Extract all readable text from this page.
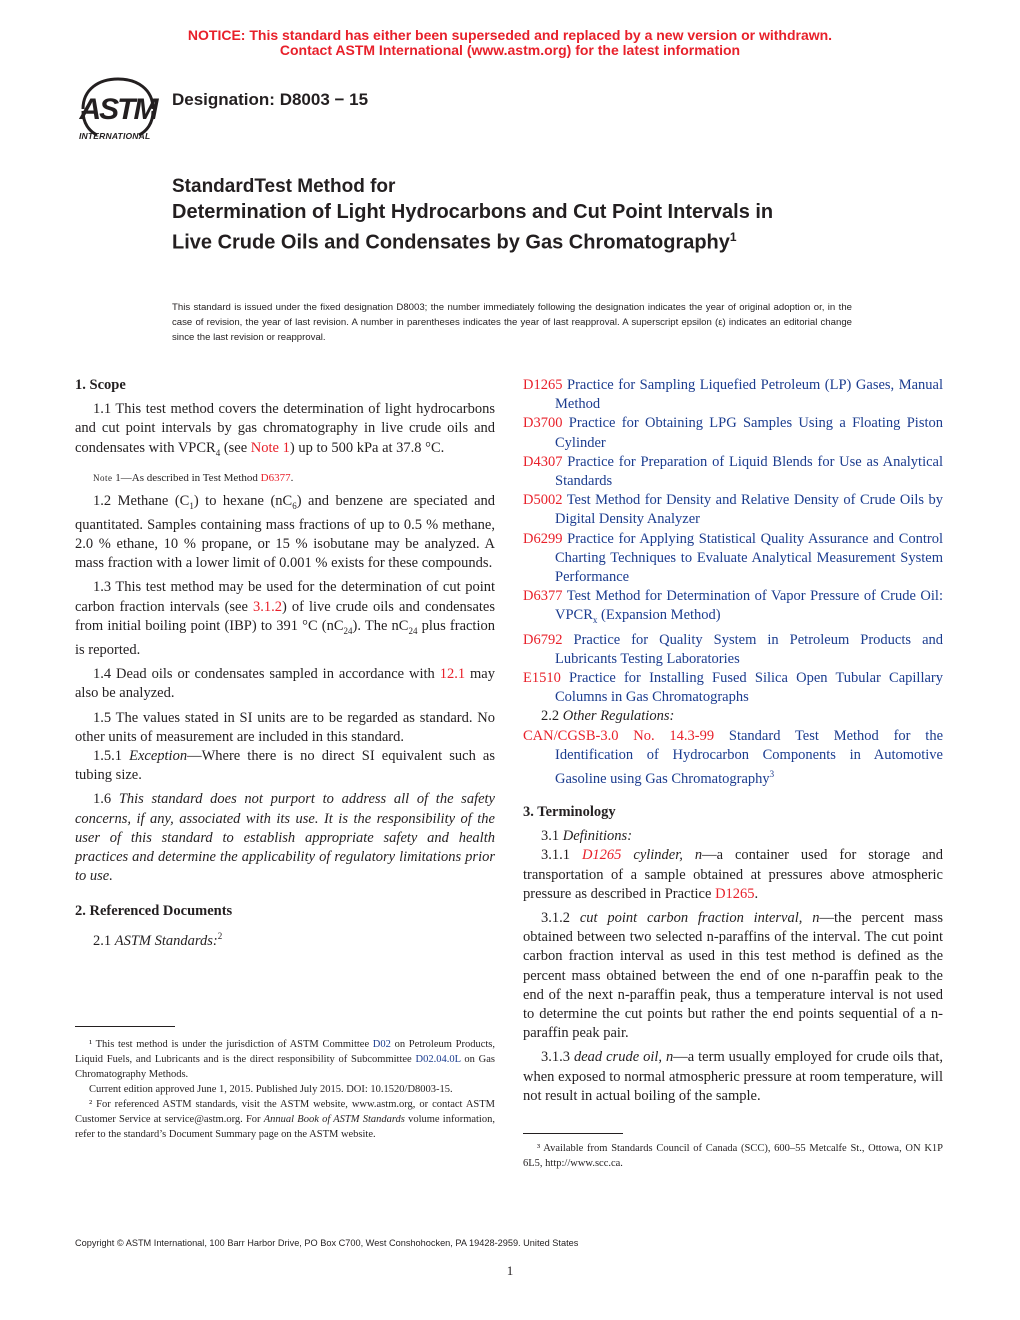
NOTICE: This standard has either been superseded and replaced by a new version or withdrawn.
Contact ASTM International (www.astm.org) for the latest information
ASTM
INTERNATIONAL
Designation: D8003 − 15
StandardTest Method for
Determination of Light Hydrocarbons and Cut Point Intervals in Live Crude Oils and Condensates by Gas Chromatography$^1$
This standard is issued under the fixed designation D8003; the number immediately following the designation indicates the year of original adoption or, in the case of revision, the year of last revision. A number in parentheses indicates the year of last reapproval. A superscript epsilon (ε) indicates an editorial change since the last revision or reapproval.

1. Scope

1.1 This test method covers the determination of light hydrocarbons and cut point intervals by gas chromatography in live crude oils and condensates with $VPCR_4$ (see Note 1) up to 500 kPa at 37.8 °C.

Note 1—As described in Test Method D6377.

1.2 Methane $(C_1)$ to hexane $(nC_6)$ and benzene are speciated and quantitated. Samples containing mass fractions of up to 0.5 % methane, 2.0 % ethane, 10 % propane, or 15 % isobutane may be analyzed. A mass fraction with a lower limit of 0.001 % exists for these compounds.

1.3 This test method may be used for the determination of cut point carbon fraction intervals (see 3.1.2) of live crude oils and condensates from initial boiling point (IBP) to 391 °C $(nC_{24})$. The $nC_{24}$ plus fraction is reported.

1.4 Dead oils or condensates sampled in accordance with 12.1 may also be analyzed.

1.5 The values stated in SI units are to be regarded as standard. No other units of measurement are included in this standard.

1.5.1 Exception—Where there is no direct SI equivalent such as tubing size.

1.6 This standard does not purport to address all of the safety concerns, if any, associated with its use. It is the responsibility of the user of this standard to establish appropriate safety and health practices and determine the applicability of regulatory limitations prior to use.

2. Referenced Documents

2.1 ASTM Standards:$^2$

¹ This test method is under the jurisdiction of ASTM Committee D02 on Petroleum Products, Liquid Fuels, and Lubricants and is the direct responsibility of Subcommittee D02.04.0L on Gas Chromatography Methods.

Current edition approved June 1, 2015. Published July 2015. DOI: 10.1520/D8003-15.

² For referenced ASTM standards, visit the ASTM website, www.astm.org, or contact ASTM Customer Service at service@astm.org. For Annual Book of ASTM Standards volume information, refer to the standard’s Document Summary page on the ASTM website.

D1265 Practice for Sampling Liquefied Petroleum (LP) Gases, Manual Method

D3700 Practice for Obtaining LPG Samples Using a Floating Piston Cylinder

D4307 Practice for Preparation of Liquid Blends for Use as Analytical Standards

D5002 Test Method for Density and Relative Density of Crude Oils by Digital Density Analyzer

D6299 Practice for Applying Statistical Quality Assurance and Control Charting Techniques to Evaluate Analytical Measurement System Performance

D6377 Test Method for Determination of Vapor Pressure of Crude Oil: $VPCR_x$ (Expansion Method)

D6792 Practice for Quality System in Petroleum Products and Lubricants Testing Laboratories

E1510 Practice for Installing Fused Silica Open Tubular Capillary Columns in Gas Chromatographs

2.2 Other Regulations:

CAN/CGSB-3.0 No. 14.3-99 Standard Test Method for the Identification of Hydrocarbon Components in Automotive Gasoline using Gas Chromatography$^3$

3. Terminology

3.1 Definitions:

3.1.1 D1265 cylinder, n—a container used for storage and transportation of a sample obtained at pressures above atmospheric pressure as described in Practice D1265.

3.1.2 cut point carbon fraction interval, n—the percent mass obtained between two selected n-paraffins of the interval. The cut point carbon fraction interval as used in this test method is defined as the percent mass obtained between the end of one n-paraffin peak to the end of the next n-paraffin peak, thus a temperature interval is not used to determine the cut points but rather the end points sequential of a n-paraffin peak pair.

3.1.3 dead crude oil, n—a term usually employed for crude oils that, when exposed to normal atmospheric pressure at room temperature, will not result in actual boiling of the sample.

³ Available from Standards Council of Canada (SCC), 600–55 Metcalfe St., Ottowa, ON K1P 6L5, http://www.scc.ca.

Copyright © ASTM International, 100 Barr Harbor Drive, PO Box C700, West Conshohocken, PA 19428-2959. United States
1
